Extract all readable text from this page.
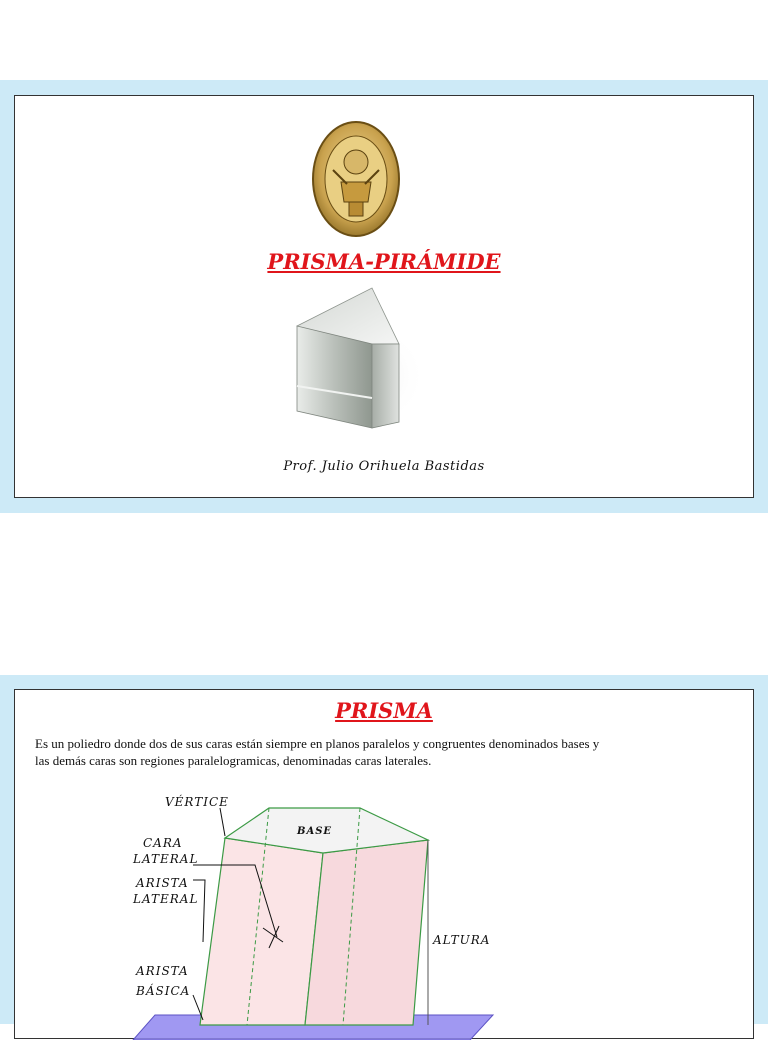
PRISMA-PIRÁMIDE
Prof. Julio Orihuela Bastidas
PRISMA
Es un poliedro donde dos de sus caras están siempre en planos paralelos y congruentes denominados bases y las demás caras son regiones paralelogramicas, denominadas caras laterales.
VÉRTICE
BASE
CARA
LATERAL
ARISTA
LATERAL
ALTURA
ARISTA
BÁSICA
